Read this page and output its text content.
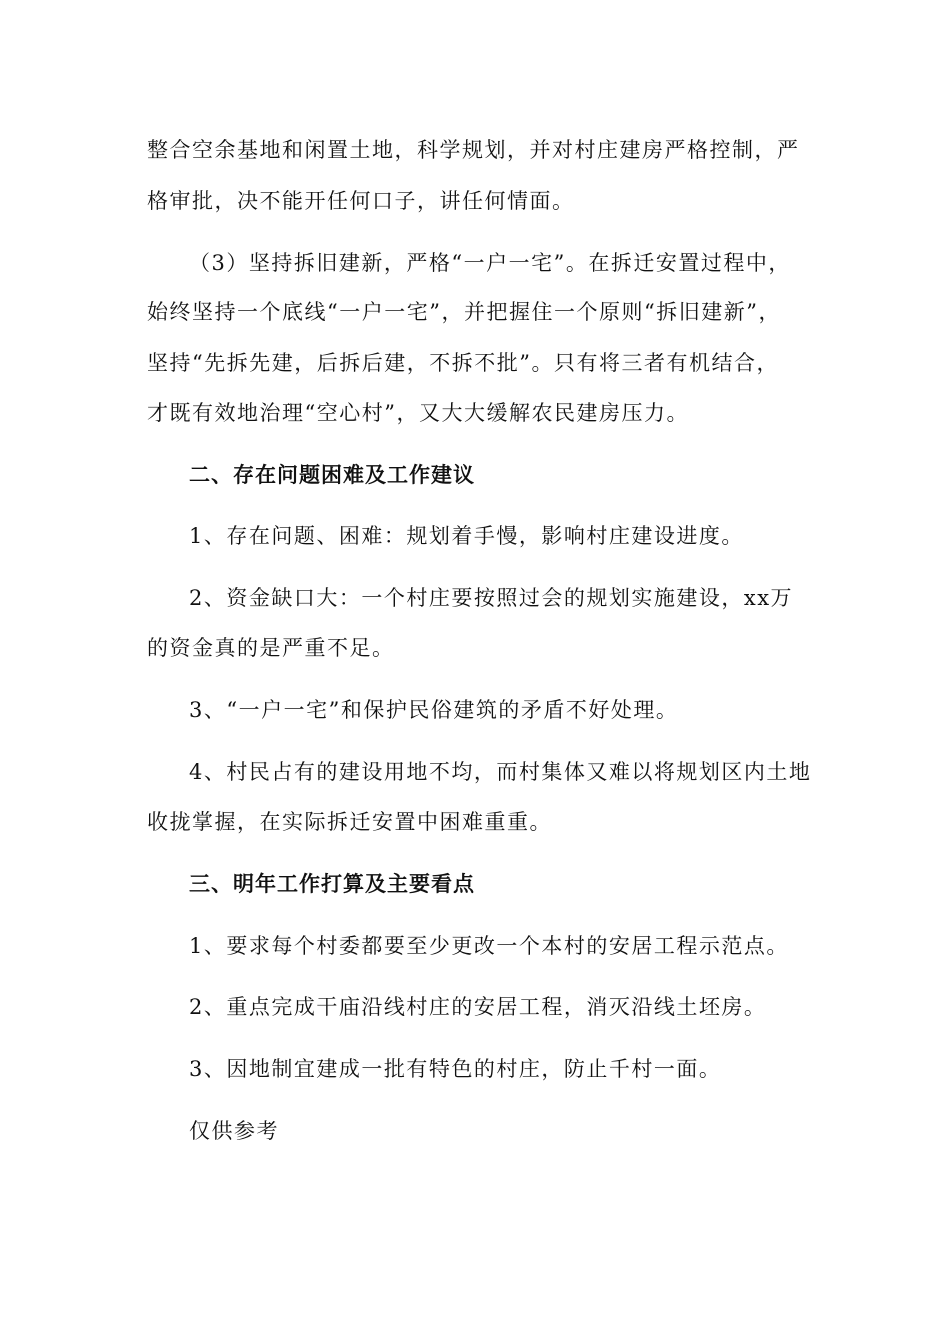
整合空余基地和闲置土地，科学规划，并对村庄建房严格控制，严
格审批，决不能开任何口子，讲任何情面。
（3）坚持拆旧建新，严格“一户一宅”。在拆迁安置过程中，
始终坚持一个底线“一户一宅”，并把握住一个原则“拆旧建新”，
坚持“先拆先建，后拆后建，不拆不批”。只有将三者有机结合，
才既有效地治理“空心村”，又大大缓解农民建房压力。
二、存在问题困难及工作建议
1、存在问题、困难：规划着手慢，影响村庄建设进度。
2、资金缺口大：一个村庄要按照过会的规划实施建设，xx万
的资金真的是严重不足。
3、“一户一宅”和保护民俗建筑的矛盾不好处理。
4、村民占有的建设用地不均，而村集体又难以将规划区内土地
收拢掌握，在实际拆迁安置中困难重重。
三、明年工作打算及主要看点
1、要求每个村委都要至少更改一个本村的安居工程示范点。
2、重点完成干庙沿线村庄的安居工程，消灭沿线土坯房。
3、因地制宜建成一批有特色的村庄，防止千村一面。
仅供参考
